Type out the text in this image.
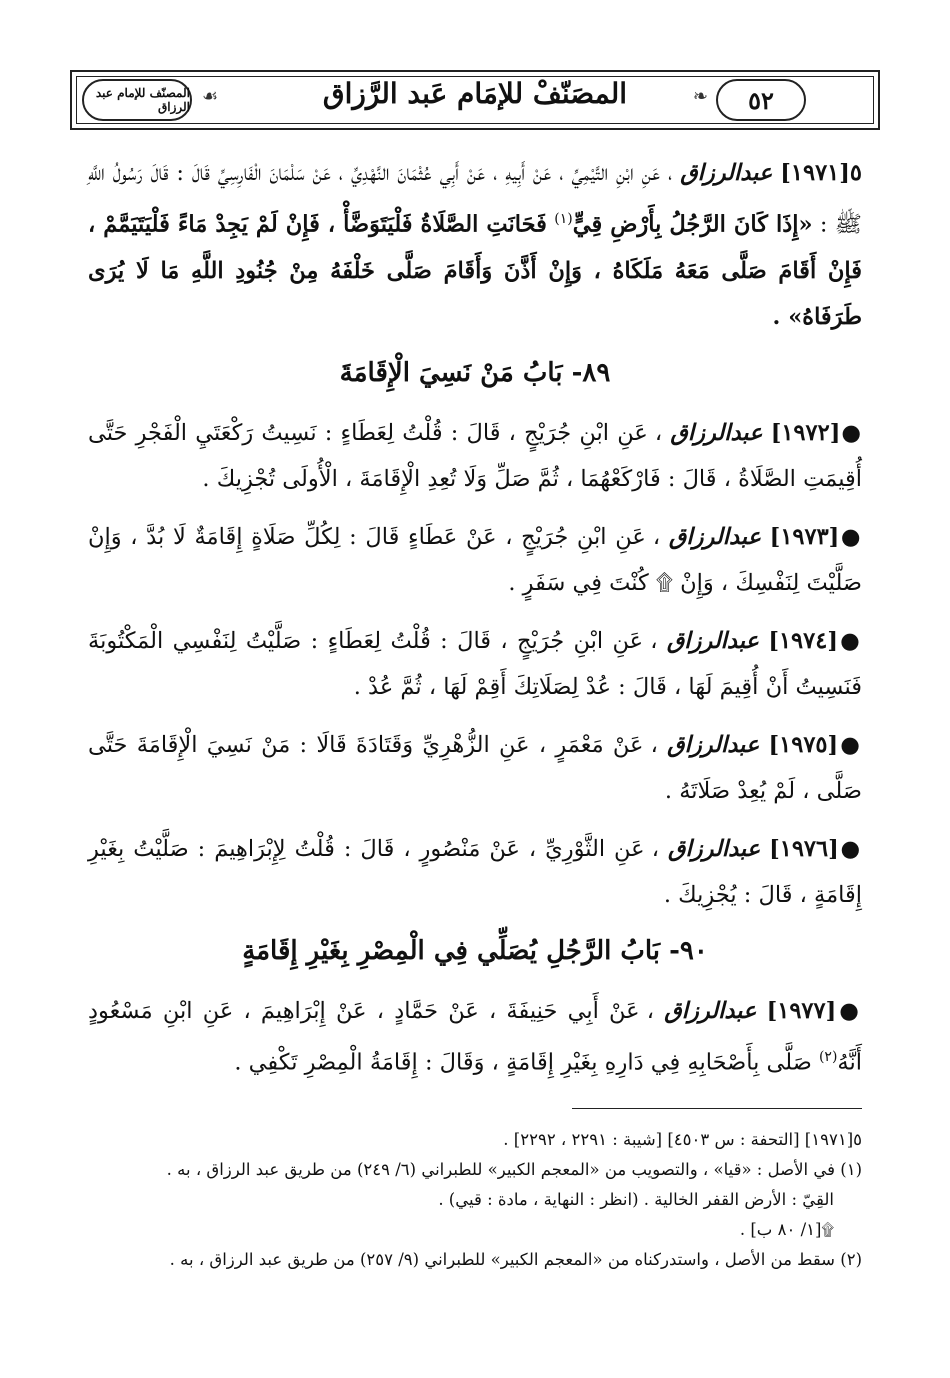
٥٢
❧
المصَنّفْ للإمَام عَبد الرَّزاق
☙
المصنّف للإمام عبد الرزاق

٥[١٩٧١] عبدالرزاق ، عَنِ ابْنِ التَّيْمِيِّ ، عَنْ أَبِيهِ ، عَنْ أَبِي عُثْمَانَ النَّهْدِيِّ ، عَنْ سَلْمَانَ الْفَارِسِيِّ قَالَ : قَالَ رَسُولُ اللَّهِ ﷺ : «إِذَا كَانَ الرَّجُلُ بِأَرْضِ قِيٍّ$^{(١)}$ فَحَانَتِ الصَّلَاةُ فَلْيَتَوَضَّأْ ، فَإِنْ لَمْ يَجِدْ مَاءً فَلْيَتَيَمَّمْ ، فَإِنْ أَقَامَ صَلَّى مَعَهُ مَلَكَاهُ ، وَإِنْ أَذَّنَ وَأَقَامَ صَلَّى خَلْفَهُ مِنْ جُنُودِ اللَّهِ مَا لَا يُرَى طَرَفَاهُ» .

٨٩- بَابُ مَنْ نَسِيَ الْإِقَامَةَ

●[١٩٧٢] عبدالرزاق ، عَنِ ابْنِ جُرَيْجٍ ، قَالَ : قُلْتُ لِعَطَاءٍ : نَسِيتُ رَكْعَتَيِ الْفَجْرِ حَتَّى أُقِيمَتِ الصَّلَاةُ ، قَالَ : فَارْكَعْهُمَا ، ثُمَّ صَلِّ وَلَا تُعِدِ الْإِقَامَةَ ، الْأُولَى تُجْزِيكَ .

●[١٩٧٣] عبدالرزاق ، عَنِ ابْنِ جُرَيْجٍ ، عَنْ عَطَاءٍ قَالَ : لِكُلِّ صَلَاةٍ إِقَامَةٌ لَا بُدَّ ، وَإِنْ صَلَّيْتَ لِنَفْسِكَ ، وَإِنْ ۩ كُنْتَ فِي سَفَرٍ .

●[١٩٧٤] عبدالرزاق ، عَنِ ابْنِ جُرَيْجٍ ، قَالَ : قُلْتُ لِعَطَاءٍ : صَلَّيْتُ لِنَفْسِي الْمَكْتُوبَةَ فَنَسِيتُ أَنْ أُقِيمَ لَهَا ، قَالَ : عُدْ لِصَلَاتِكَ أَقِمْ لَهَا ، ثُمَّ عُدْ .

●[١٩٧٥] عبدالرزاق ، عَنْ مَعْمَرٍ ، عَنِ الزُّهْرِيِّ وَقَتَادَةَ قَالَا : مَنْ نَسِيَ الْإِقَامَةَ حَتَّى صَلَّى ، لَمْ يُعِدْ صَلَاتَهُ .

●[١٩٧٦] عبدالرزاق ، عَنِ الثَّوْرِيِّ ، عَنْ مَنْصُورٍ ، قَالَ : قُلْتُ لِإِبْرَاهِيمَ : صَلَّيْتُ بِغَيْرِ إِقَامَةٍ ، قَالَ : يُجْزِيكَ .

٩٠- بَابُ الرَّجُلِ يُصَلِّي فِي الْمِصْرِ بِغَيْرِ إِقَامَةٍ

●[١٩٧٧] عبدالرزاق ، عَنْ أَبِي حَنِيفَةَ ، عَنْ حَمَّادٍ ، عَنْ إِبْرَاهِيمَ ، عَنِ ابْنِ مَسْعُودٍ أَنَّهُ$^{(٢)}$ صَلَّى بِأَصْحَابِهِ فِي دَارِهِ بِغَيْرِ إِقَامَةٍ ، وَقَالَ : إِقَامَةُ الْمِصْرِ تَكْفِي .

٥[١٩٧١] [التحفة : س ٤٥٠٣] [شيبة : ٢٢٩١ ، ٢٢٩٢] .

(١) في الأصل : «قيا» ، والتصويب من «المعجم الكبير» للطبراني (٦/ ٢٤٩) من طريق عبد الرزاق ، به .

القِيّ : الأرض القفر الخالية . (انظر : النهاية ، مادة : قيي) .

۩[١/ ٨٠ ب] .

(٢) سقط من الأصل ، واستدركناه من «المعجم الكبير» للطبراني (٩/ ٢٥٧) من طريق عبد الرزاق ، به .
